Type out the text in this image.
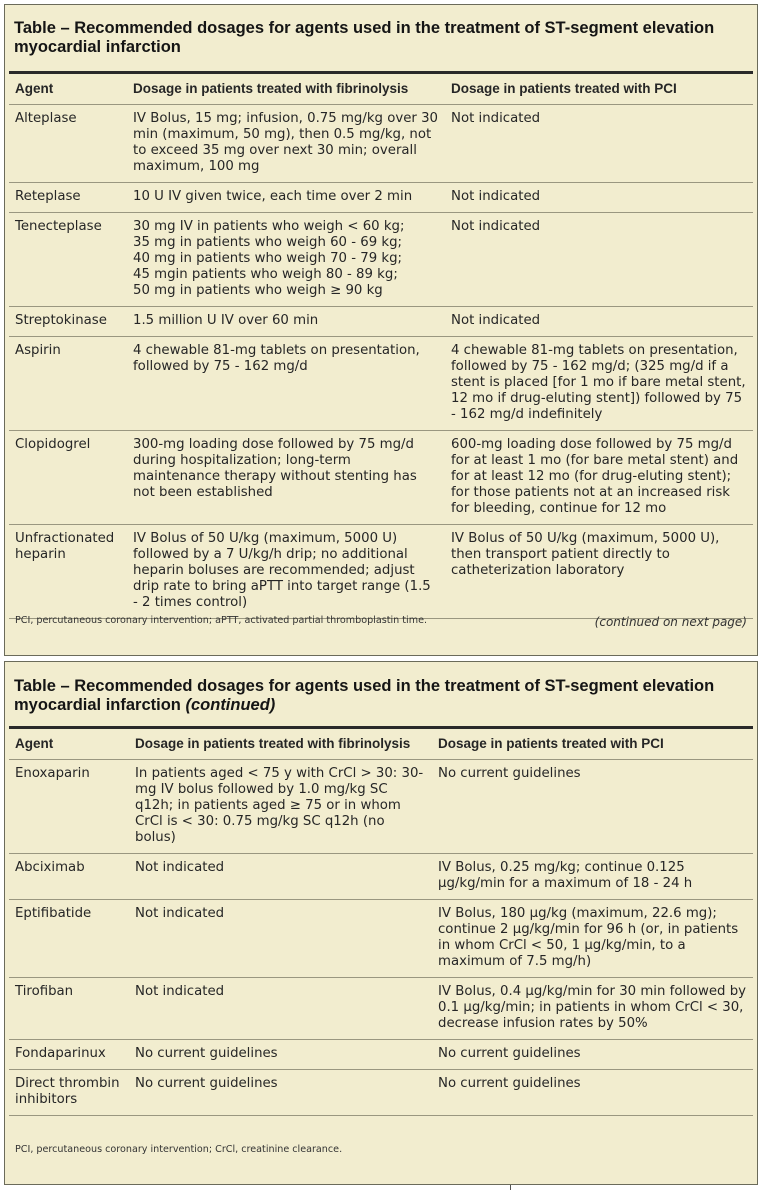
Table – Recommended dosages for agents used in the treatment of ST-segment elevation myocardial infarction
Agent	Dosage in patients treated with fibrinolysis	Dosage in patients treated with PCI
Alteplase	IV Bolus, 15 mg; infusion, 0.75 mg/kg over 30 min (maximum, 50 mg), then 0.5 mg/kg, not to exceed 35 mg over next 30 min; overall maximum, 100 mg	Not indicated
Reteplase	10 U IV given twice, each time over 2 min	Not indicated
Tenecteplase	30 mg IV in patients who weigh < 60 kg;
35 mg in patients who weigh 60 - 69 kg;
40 mg in patients who weigh 70 - 79 kg;
45 mgin patients who weigh 80 - 89 kg;
50 mg in patients who weigh ≥ 90 kg	Not indicated
Streptokinase	1.5 million U IV over 60 min	Not indicated
Aspirin	4 chewable 81-mg tablets on presentation, followed by 75 - 162 mg/d	4 chewable 81-mg tablets on presentation, followed by 75 - 162 mg/d; (325 mg/d if a stent is placed [for 1 mo if bare metal stent, 12 mo if drug-eluting stent]) followed by 75 - 162 mg/d indefinitely
Clopidogrel	300-mg loading dose followed by 75 mg/d during hospitalization; long-term maintenance therapy without stenting has not been established	600-mg loading dose followed by 75 mg/d for at least 1 mo (for bare metal stent) and for at least 12 mo (for drug-eluting stent); for those patients not at an increased risk for bleeding, continue for 12 mo
Unfractionated heparin	IV Bolus of 50 U/kg (maximum, 5000 U) followed by a 7 U/kg/h drip; no additional heparin boluses are recommended; adjust drip rate to bring aPTT into target range (1.5 - 2 times control)	IV Bolus of 50 U/kg (maximum, 5000 U), then transport patient directly to catheterization laboratory
PCI, percutaneous coronary intervention; aPTT, activated partial thromboplastin time.	(continued on next page)
Table – Recommended dosages for agents used in the treatment of ST-segment elevation myocardial infarction (continued)
Agent	Dosage in patients treated with fibrinolysis	Dosage in patients treated with PCI
Enoxaparin	In patients aged < 75 y with CrCl > 30: 30-mg IV bolus followed by 1.0 mg/kg SC q12h; in patients aged ≥ 75 or in whom CrCl is < 30: 0.75 mg/kg SC q12h (no bolus)	No current guidelines
Abciximab	Not indicated	IV Bolus, 0.25 mg/kg; continue 0.125 µg/kg/min for a maximum of 18 - 24 h
Eptifibatide	Not indicated	IV Bolus, 180 µg/kg (maximum, 22.6 mg); continue 2 µg/kg/min for 96 h (or, in patients in whom CrCl < 50, 1 µg/kg/min, to a maximum of 7.5 mg/h)
Tirofiban	Not indicated	IV Bolus, 0.4 µg/kg/min for 30 min followed by 0.1 µg/kg/min; in patients in whom CrCl < 30, decrease infusion rates by 50%
Fondaparinux	No current guidelines	No current guidelines
Direct thrombin inhibitors	No current guidelines	No current guidelines
PCI, percutaneous coronary intervention; CrCl, creatinine clearance.
